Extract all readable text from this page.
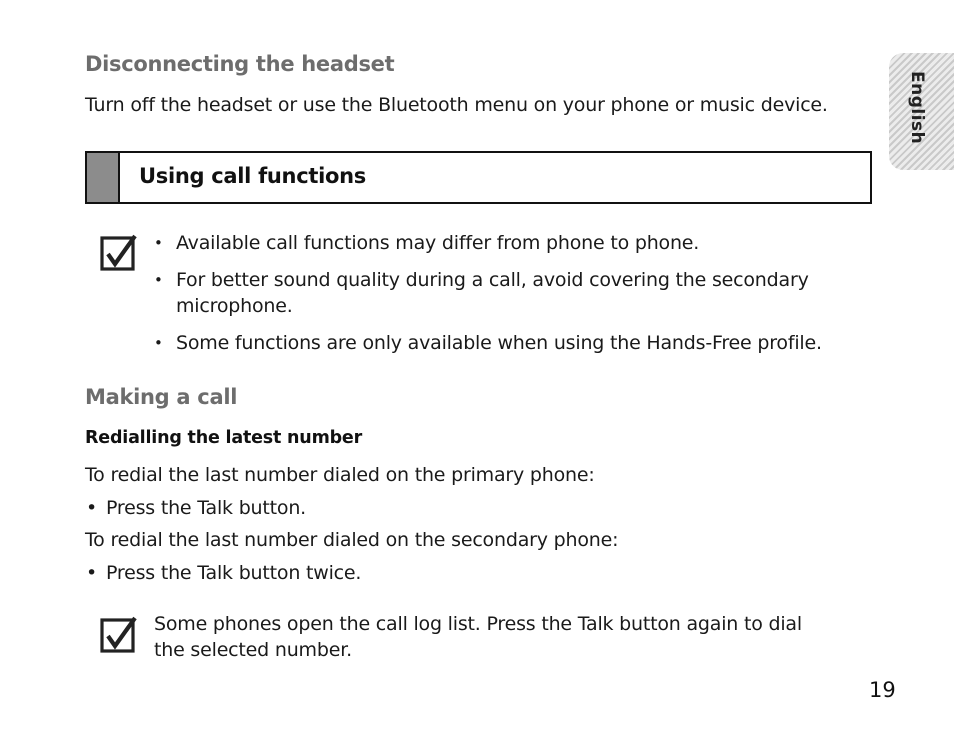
English
Disconnecting the headset
Turn off the headset or use the Bluetooth menu on your phone or music device.
Using call functions
• Available call functions may differ from phone to phone.
• For better sound quality during a call, avoid covering the secondary microphone.
• Some functions are only available when using the Hands-Free profile.
Making a call
Redialling the latest number
To redial the last number dialed on the primary phone:
• Press the Talk button.
To redial the last number dialed on the secondary phone:
• Press the Talk button twice.
Some phones open the call log list. Press the Talk button again to dial the selected number.
19
